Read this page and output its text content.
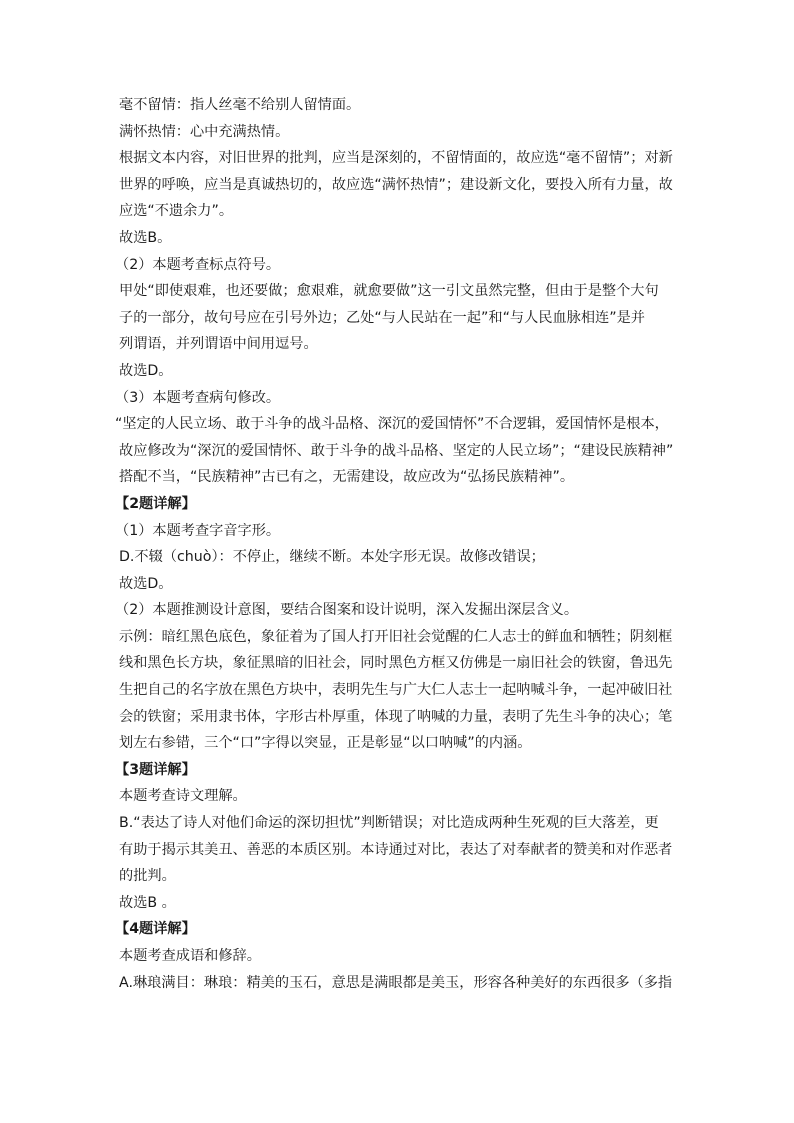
毫不留情：指人丝毫不给别人留情面。
满怀热情：心中充满热情。
根据文本内容，对旧世界的批判，应当是深刻的，不留情面的，故应选“毫不留情”；对新
世界的呼唤，应当是真诚热切的，故应选“满怀热情”；建设新文化，要投入所有力量，故
应选“不遗余力”。
故选B。
（2）本题考查标点符号。
甲处“即使艰难，也还要做；愈艰难，就愈要做”这一引文虽然完整，但由于是整个大句
子的一部分，故句号应在引号外边；乙处“与人民站在一起”和“与人民血脉相连”是并
列谓语，并列谓语中间用逗号。
故选D。
（3）本题考查病句修改。
“坚定的人民立场、敢于斗争的战斗品格、深沉的爱国情怀”不合逻辑，爱国情怀是根本，
故应修改为“深沉的爱国情怀、敢于斗争的战斗品格、坚定的人民立场”；“建设民族精神”
搭配不当，“民族精神”古已有之，无需建设，故应改为“弘扬民族精神”。
【2题详解】
（1）本题考查字音字形。
D.不辍（chuò）：不停止，继续不断。本处字形无误。故修改错误；
故选D。
（2）本题推测设计意图，要结合图案和设计说明，深入发掘出深层含义。
示例：暗红黑色底色，象征着为了国人打开旧社会觉醒的仁人志士的鲜血和牺牲；阴刻框
线和黑色长方块，象征黑暗的旧社会，同时黑色方框又仿佛是一扇旧社会的铁窗，鲁迅先
生把自己的名字放在黑色方块中，表明先生与广大仁人志士一起呐喊斗争，一起冲破旧社
会的铁窗；采用隶书体，字形古朴厚重，体现了呐喊的力量，表明了先生斗争的决心；笔
划左右参错，三个“口”字得以突显，正是彰显“以口呐喊”的内涵。
【3题详解】
本题考查诗文理解。
B.“表达了诗人对他们命运的深切担忧”判断错误；对比造成两种生死观的巨大落差，更
有助于揭示其美丑、善恶的本质区别。本诗通过对比，表达了对奉献者的赞美和对作恶者
的批判。
故选B 。
【4题详解】
本题考查成语和修辞。
A.琳琅满目：琳琅：精美的玉石，意思是满眼都是美玉，形容各种美好的东西很多（多指
